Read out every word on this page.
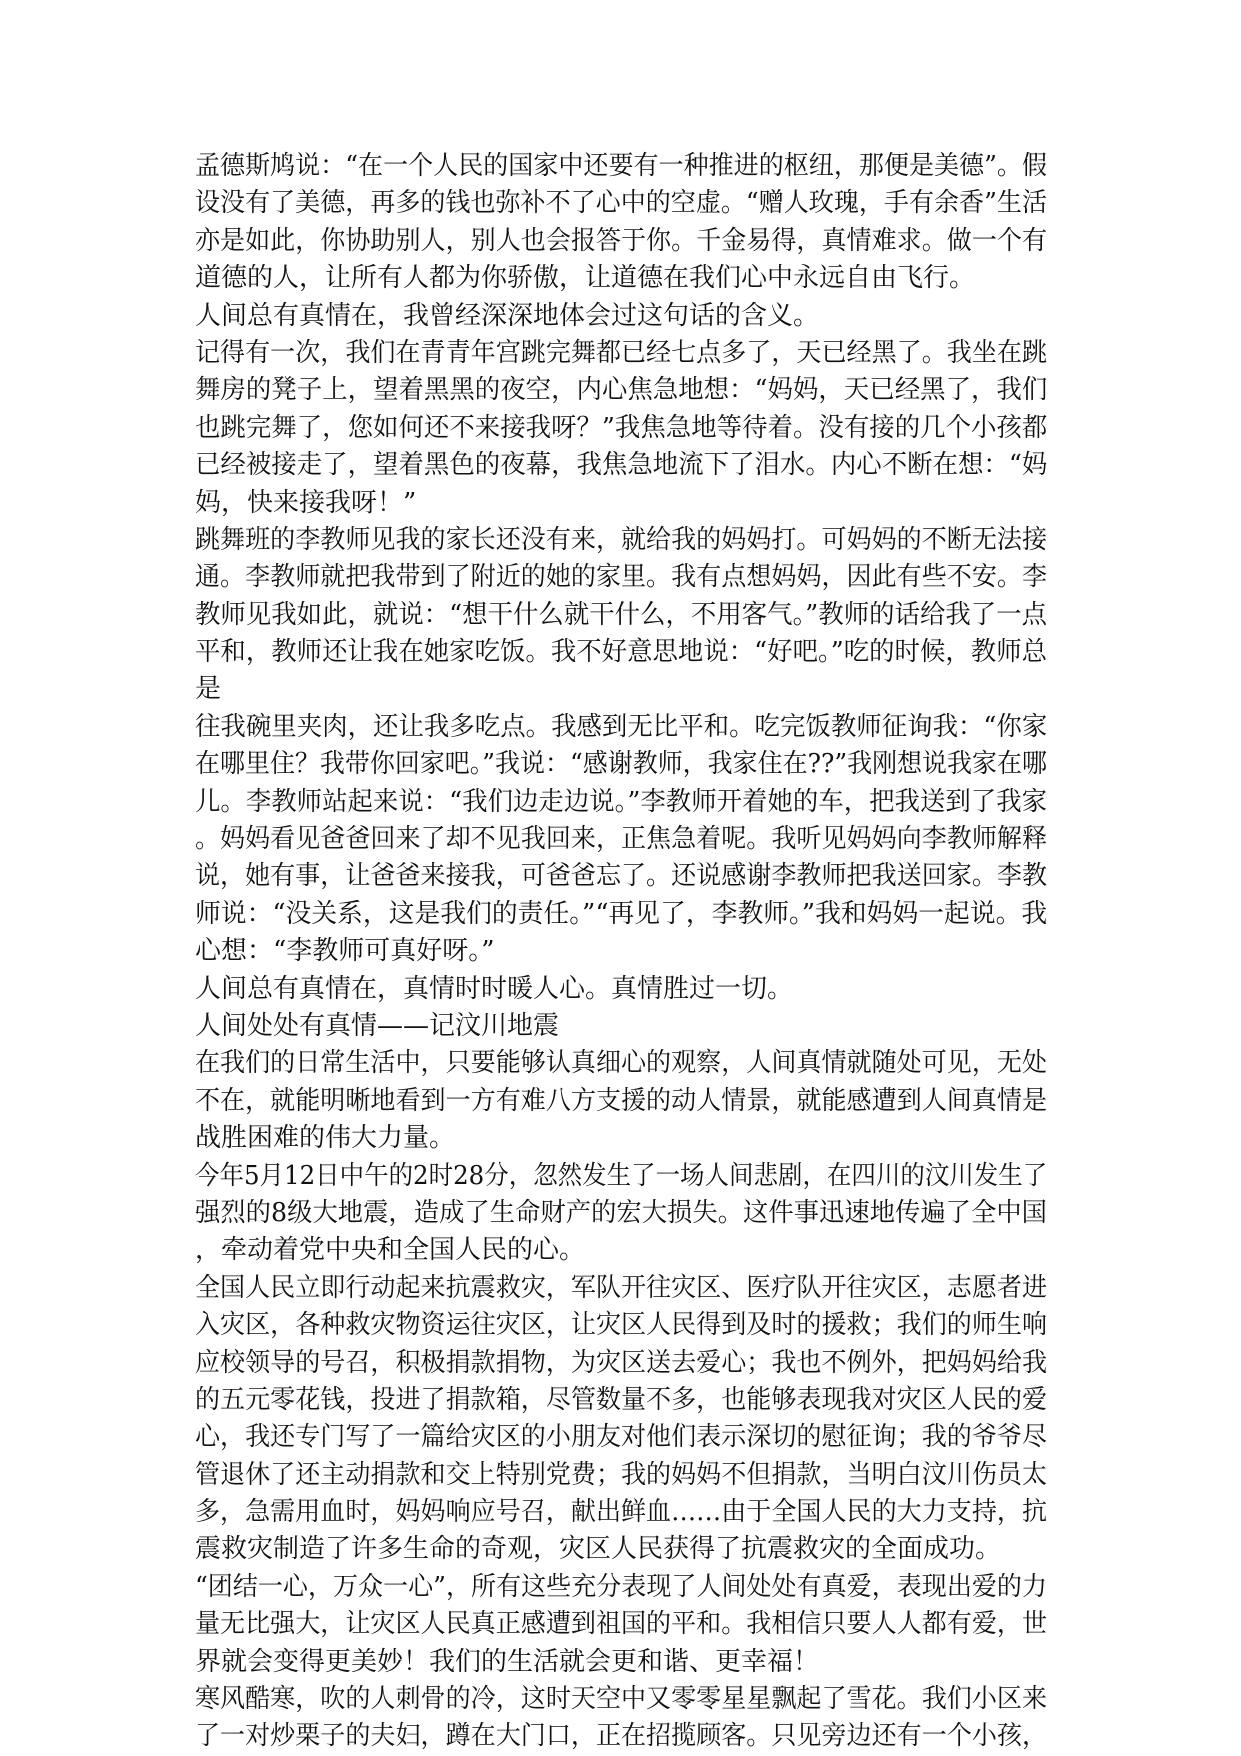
孟德斯鸠说：“在一个人民的国家中还要有一种推进的枢纽，那便是美德”。假
设没有了美德，再多的钱也弥补不了心中的空虚。“赠人玫瑰，手有余香”生活
亦是如此，你协助别人，别人也会报答于你。千金易得，真情难求。做一个有
道德的人，让所有人都为你骄傲，让道德在我们心中永远自由飞行。
人间总有真情在，我曾经深深地体会过这句话的含义。
记得有一次，我们在青青年宫跳完舞都已经七点多了，天已经黑了。我坐在跳
舞房的凳子上，望着黑黑的夜空，内心焦急地想：“妈妈，天已经黑了，我们
也跳完舞了，您如何还不来接我呀？”我焦急地等待着。没有接的几个小孩都
已经被接走了，望着黑色的夜幕，我焦急地流下了泪水。内心不断在想：“妈
妈，快来接我呀！”
跳舞班的李教师见我的家长还没有来，就给我的妈妈打。可妈妈的不断无法接
通。李教师就把我带到了附近的她的家里。我有点想妈妈，因此有些不安。李
教师见我如此，就说：“想干什么就干什么，不用客气。”教师的话给我了一点
平和，教师还让我在她家吃饭。我不好意思地说：“好吧。”吃的时候，教师总
是
往我碗里夹肉，还让我多吃点。我感到无比平和。吃完饭教师征询我：“你家
在哪里住？我带你回家吧。”我说：“感谢教师，我家住在??”我刚想说我家在哪
儿。李教师站起来说：“我们边走边说。”李教师开着她的车，把我送到了我家
。妈妈看见爸爸回来了却不见我回来，正焦急着呢。我听见妈妈向李教师解释
说，她有事，让爸爸来接我，可爸爸忘了。还说感谢李教师把我送回家。李教
师说：“没关系，这是我们的责任。”“再见了，李教师。”我和妈妈一起说。我
心想：“李教师可真好呀。”
人间总有真情在，真情时时暖人心。真情胜过一切。
人间处处有真情——记汶川地震
在我们的日常生活中，只要能够认真细心的观察，人间真情就随处可见，无处
不在，就能明晰地看到一方有难八方支援的动人情景，就能感遭到人间真情是
战胜困难的伟大力量。
今年5月12日中午的2时28分，忽然发生了一场人间悲剧，在四川的汶川发生了
强烈的8级大地震，造成了生命财产的宏大损失。这件事迅速地传遍了全中国
，牵动着党中央和全国人民的心。
全国人民立即行动起来抗震救灾，军队开往灾区、医疗队开往灾区，志愿者进
入灾区，各种救灾物资运往灾区，让灾区人民得到及时的援救；我们的师生响
应校领导的号召，积极捐款捐物，为灾区送去爱心；我也不例外，把妈妈给我
的五元零花钱，投进了捐款箱，尽管数量不多，也能够表现我对灾区人民的爱
心，我还专门写了一篇给灾区的小朋友对他们表示深切的慰征询；我的爷爷尽
管退休了还主动捐款和交上特别党费；我的妈妈不但捐款，当明白汶川伤员太
多，急需用血时，妈妈响应号召，献出鲜血……由于全国人民的大力支持，抗
震救灾制造了许多生命的奇观，灾区人民获得了抗震救灾的全面成功。
“团结一心，万众一心”，所有这些充分表现了人间处处有真爱，表现出爱的力
量无比强大，让灾区人民真正感遭到祖国的平和。我相信只要人人都有爱，世
界就会变得更美妙！我们的生活就会更和谐、更幸福！
寒风酷寒，吹的人刺骨的冷，这时天空中又零零星星飘起了雪花。我们小区来
了一对炒栗子的夫妇，蹲在大门口，正在招揽顾客。只见旁边还有一个小孩，
